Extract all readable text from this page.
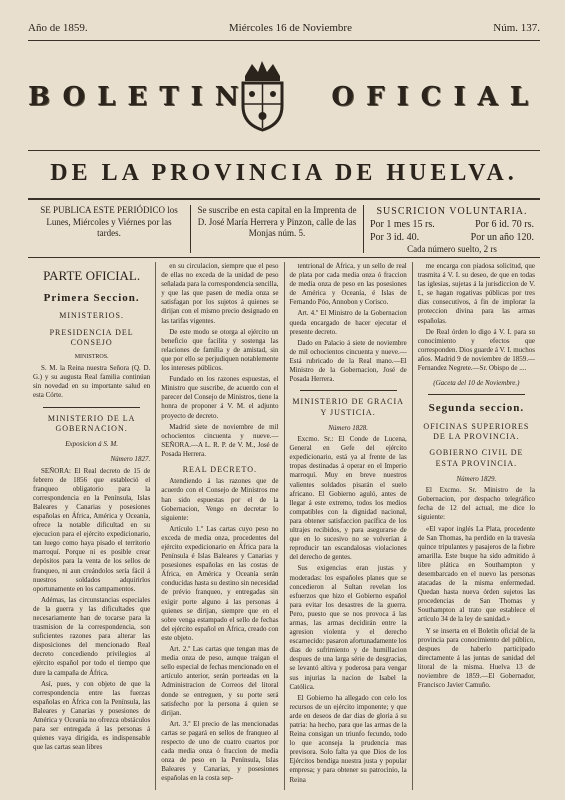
Año de 1859.	Miércoles 16 de Noviembre	Núm. 137.
BOLETIN	OFICIAL
DE LA PROVINCIA DE HUELVA.
SE PUBLICA ESTE PERIÓDICO los Lunes, Miércoles y Viérnes por las tardes.
Se suscribe en esta capital en la Imprenta de D. José María Herrera y Pinzon, calle de las Monjas núm. 5.
SUSCRICION VOLUNTARIA.
Por 1 mes 15 rs.	Por 6 id. 70 rs.
Por 3 id. 40.	Por un año 120.
Cada número suelto, 2 rs
PARTE OFICIAL.
Primera Seccion.
MINISTERIOS.
PRESIDENCIA DEL CONSEJO
MINISTROS.

S. M. la Reina nuestra Señora (Q. D. G.) y su augusta Real familia continúan sin novedad en su importante salud en esta Córte.

MINISTERIO DE LA GOBERNACION.
Exposicion á S. M.
Número 1827.

SEÑORA: El Real decreto de 15 de febrero de 1856 que estableció el franqueo obligatorio para la correspondencia en la Península, Islas Baleares y Canarias y posesiones españolas en África, América y Oceanía, ofrece la notable dificultad en su ejecucion para el ejército expedicionario, tan luego como haya pisado el territorio marroquí. Porque ni es posible crear depósitos para la venta de los sellos de franqueo, ni aun creándolos sería fácil á nuestros soldados adquirirlos oportunamente en los campamentos.

Adémas, las circunstancias especiales de la guerra y las dificultades que necesariamente han de tocarse para la trasmision de la correspondencia, son suficientes razones para alterar las disposiciones del mencionado Real decreto concediendo privilegios al ejército español por todo el tiempo que dure la campaña de África.

Así, pues, y con objeto de que la correspondencia entre las fuerzas españolas en África con la Península, las Baleares y Canarias y posesiones de América y Oceanía no ofrezca obstáculos para ser entregada á las personas á quienes vaya dirigida, es indispensable que las cartas sean libres

en su circulacion, siempre que el peso de ellas no exceda de la unidad de peso señalada para la correspondencia sencilla, y que las que pasen de media onza se satisfagan por los sujetos á quienes se dirijan con el mismo precio designado en las tarifas vigentes.

De este modo se otorga al ejército un beneficio que facilita y sostenga las relaciones de familia y de amistad, sin que por ello se perjudiquen notablemente los intereses públicos.

Fundado en los razones espuestas, el Ministro que suscribe, de acuerdo con el parecer del Consejo de Ministros, tiene la honra de proponer á V. M. el adjunto proyecto de decreto.

Madrid siete de noviembre de mil ochocientos cincuenta y nueve.—SEÑORA.—A L. R. P. de V. M., José de Posada Herrera.

REAL DECRETO.

Atendiendo á las razones que de acuerdo con el Consejo de Ministros me han sido espuestas por el de la Gobernacion, Vengo en decretar lo siguiente:

Artículo 1.º Las cartas cuyo peso no exceda de media onza, procedentes del ejército expedicionario en África para la Península é Islas Baleares y Canarias y posesiones españolas en las costas de África, en América y Oceanía serán conducidas hasta su destino sin necesidad de prévio franqueo, y entregadas sin exigir porte alguno á las personas á quienes se dirijan, siempre que en el sobre venga estampado el sello de fechas del ejército español en África, creado con este objeto.

Art. 2.º Las cartas que tengan mas de media onza de peso, aunque traigan el sello especial de fechas mencionado en el artículo anterior, serán porteadas en la Administracion de Correos del litoral donde se entreguen, y su porte será satisfecho por la persona á quien se dirijan.

Art. 3.º El precio de las mencionadas cartas se pagará en sellos de franqueo al respecto de uno de cuatro cuartos por cada media onza ó fraccion de media onza de peso en la Península, Islas Baleares y Canarias, y posesiones españolas en la costa sep-

tentrional de África, y un sello de real de plata por cada media onza ó fraccion de media onza de peso en las posesiones de América y Oceanía, é Islas de Fernando Póo, Annobon y Corisco.

Art. 4.º El Ministro de la Gobernacion queda encargado de hacer ejecutar el presente decreto.

Dado en Palacio á siete de noviembre de mil ochocientos cincuenta y nueve.—Está rubricado de la Real mano.—El Ministro de la Gobernacion, José de Posada Herrera.

MINISTERIO DE GRACIA Y JUSTICIA.
Número 1828.

Excmo. Sr.: El Conde de Lucena, General en Gefe del ejército expedicionario, está ya al frente de las tropas destinadas á operar en el Imperio marroquí. Muy en breve nuestros valientes soldados pisarán el suelo africano. El Gobierno aguló, antes de llegar á este extremo, todos los medios compatibles con la dignidad nacional, para obtener satisfaccion pacífica de los ultrajes recibidos, y para asegurarse de que en lo sucesivo no se volverían á reproducir tan escandalosas violaciones del derecho de gentes.

Sus exigencias eran justas y moderadas: los españoles planes que se concedieron al Sultan revelan los esfuerzos que hizo el Gobierno español para evitar los desastres de la guerra. Pero, puesto que se nos provoca á las armas, las armas decidirán entre la agresion violenta y el derecho escarnecido: pasaron afortunadamente los dias de sufrimiento y de humillacion despues de una larga série de desgracias, se levantó altiva y poderosa para vengar sus injurias la nacion de Isabel la Católica.

El Gobierno ha allegado con celo los recursos de un ejército imponente; y que arde en deseos de dar dias de gloria á su patria: ha hecho, para que las armas de la Reina consigan un triunfo fecundo, todo lo que aconseja la prudencia mas previsora. Solo falta ya que Dios de los Ejércitos bendiga nuestra justa y popular empresa; y para obtener su patrocinio, la Reina

me encarga con piadosa solicitud, que trasmita á V. I. su deseo, de que en todas las iglesias, sujetas á la jurisdiccion de V. I., se hagan rogativas públicas por tres dias consecutivos, á fin de implorar la proteccion divina para las armas españolas.

De Real órden lo digo á V. I. para su conocimiento y efectos que corresponden. Dios guarde á V. I. muchos años. Madrid 9 de noviembre de 1859.—Fernandez Negrete.—Sr. Obispo de ....

(Gaceta del 10 de Noviembre.)
Segunda seccion.
OFICINAS SUPERIORES DE LA PROVINCIA.
GOBIERNO CIVIL DE ESTA PROVINCIA.
Número 1829.

El Excmo. Sr. Ministro de la Gobernacion, por despacho telegráfico fecha de 12 del actual, me dice lo siguiente:

«El vapor inglés La Plata, procedente de San Thomas, ha perdido en la travesía quince tripulantes y pasajeros de la fiebre amarilla. Este buque ha sido admitido á libre plática en Southampton y desembarcado en el nuevo las personas atacadas de la misma enfermedad. Quedan hasta nueva órden sujetos las procedencias de San Thomas y Southampton al trato que establece el artículo 34 de la ley de sanidad.»

Y se inserta en el Boletín oficial de la provincia para conocimiento del público, despues de haberlo participado directamente á las juntas de sanidad del litoral de la misma. Huelva 13 de noviembre de 1859.—El Gobernador, Francisco Javier Camuño.
